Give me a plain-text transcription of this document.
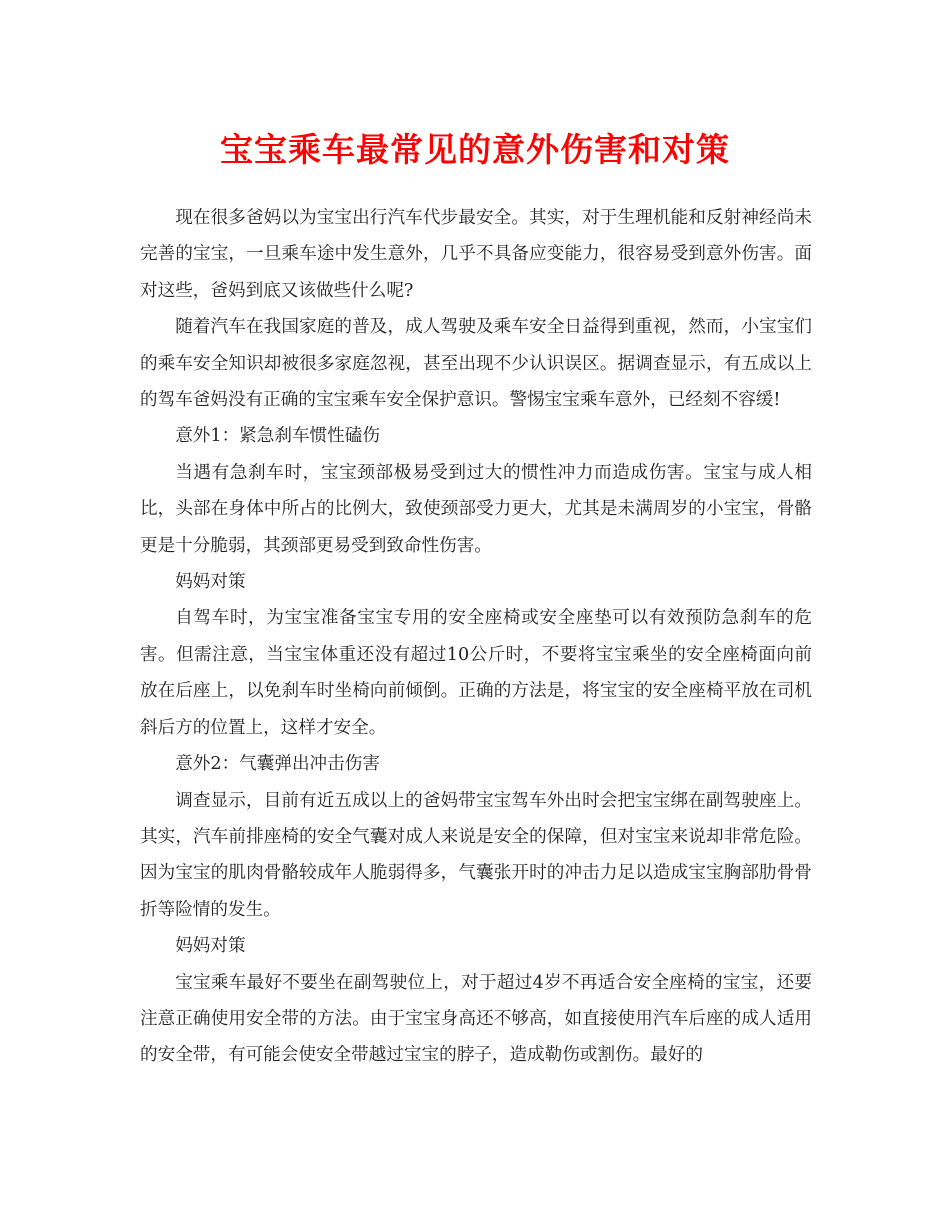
宝宝乘车最常见的意外伤害和对策

现在很多爸妈以为宝宝出行汽车代步最安全。其实，对于生理机能和反射神经尚未完善的宝宝，一旦乘车途中发生意外，几乎不具备应变能力，很容易受到意外伤害。面对这些，爸妈到底又该做些什么呢?

随着汽车在我国家庭的普及，成人驾驶及乘车安全日益得到重视，然而，小宝宝们的乘车安全知识却被很多家庭忽视，甚至出现不少认识误区。据调查显示，有五成以上的驾车爸妈没有正确的宝宝乘车安全保护意识。警惕宝宝乘车意外，已经刻不容缓!

意外1：紧急刹车惯性磕伤

当遇有急刹车时，宝宝颈部极易受到过大的惯性冲力而造成伤害。宝宝与成人相比，头部在身体中所占的比例大，致使颈部受力更大，尤其是未满周岁的小宝宝，骨骼更是十分脆弱，其颈部更易受到致命性伤害。

妈妈对策

自驾车时，为宝宝准备宝宝专用的安全座椅或安全座垫可以有效预防急刹车的危害。但需注意，当宝宝体重还没有超过10公斤时，不要将宝宝乘坐的安全座椅面向前放在后座上，以免刹车时坐椅向前倾倒。正确的方法是，将宝宝的安全座椅平放在司机斜后方的位置上，这样才安全。

意外2：气囊弹出冲击伤害

调查显示，目前有近五成以上的爸妈带宝宝驾车外出时会把宝宝绑在副驾驶座上。其实，汽车前排座椅的安全气囊对成人来说是安全的保障，但对宝宝来说却非常危险。因为宝宝的肌肉骨骼较成年人脆弱得多，气囊张开时的冲击力足以造成宝宝胸部肋骨骨折等险情的发生。

妈妈对策

宝宝乘车最好不要坐在副驾驶位上，对于超过4岁不再适合安全座椅的宝宝，还要注意正确使用安全带的方法。由于宝宝身高还不够高，如直接使用汽车后座的成人适用的安全带，有可能会使安全带越过宝宝的脖子，造成勒伤或割伤。最好的
